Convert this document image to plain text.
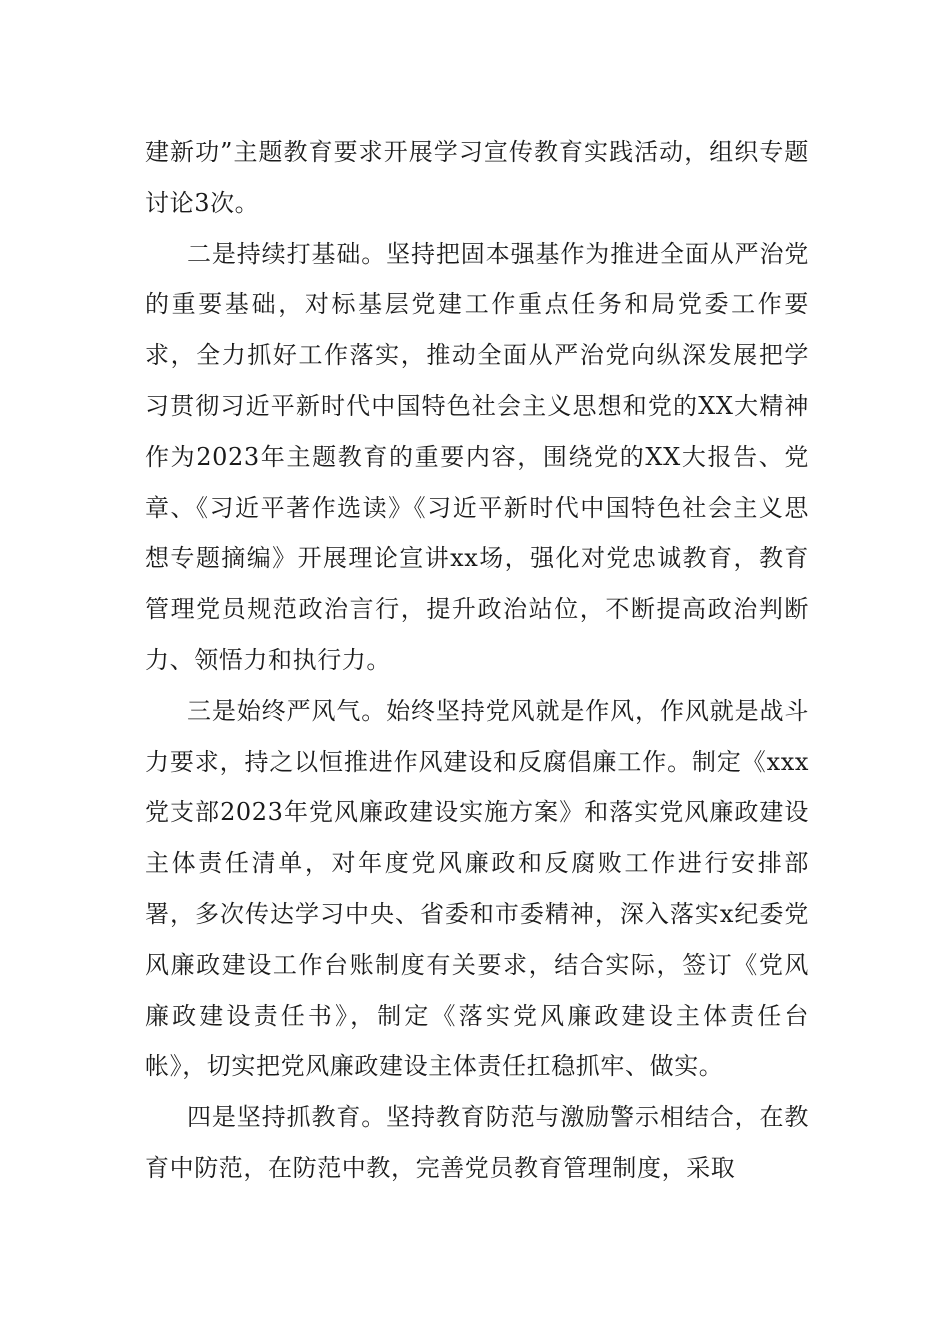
建新功”主题教育要求开展学习宣传教育实践活动，组织专题讨论3次。

二是持续打基础。坚持把固本强基作为推进全面从严治党的重要基础，对标基层党建工作重点任务和局党委工作要求，全力抓好工作落实，推动全面从严治党向纵深发展把学习贯彻习近平新时代中国特色社会主义思想和党的XX大精神作为2023年主题教育的重要内容，围绕党的XX大报告、党章、《习近平著作选读》《习近平新时代中国特色社会主义思想专题摘编》开展理论宣讲xx场，强化对党忠诚教育，教育管理党员规范政治言行，提升政治站位，不断提高政治判断力、领悟力和执行力。

三是始终严风气。始终坚持党风就是作风，作风就是战斗力要求，持之以恒推进作风建设和反腐倡廉工作。制定《xxx党支部2023年党风廉政建设实施方案》和落实党风廉政建设主体责任清单，对年度党风廉政和反腐败工作进行安排部署，多次传达学习中央、省委和市委精神，深入落实x纪委党风廉政建设工作台账制度有关要求，结合实际，签订《党风廉政建设责任书》，制定《落实党风廉政建设主体责任台帐》，切实把党风廉政建设主体责任扛稳抓牢、做实。

四是坚持抓教育。坚持教育防范与激励警示相结合，在教育中防范，在防范中教，完善党员教育管理制度，采取
